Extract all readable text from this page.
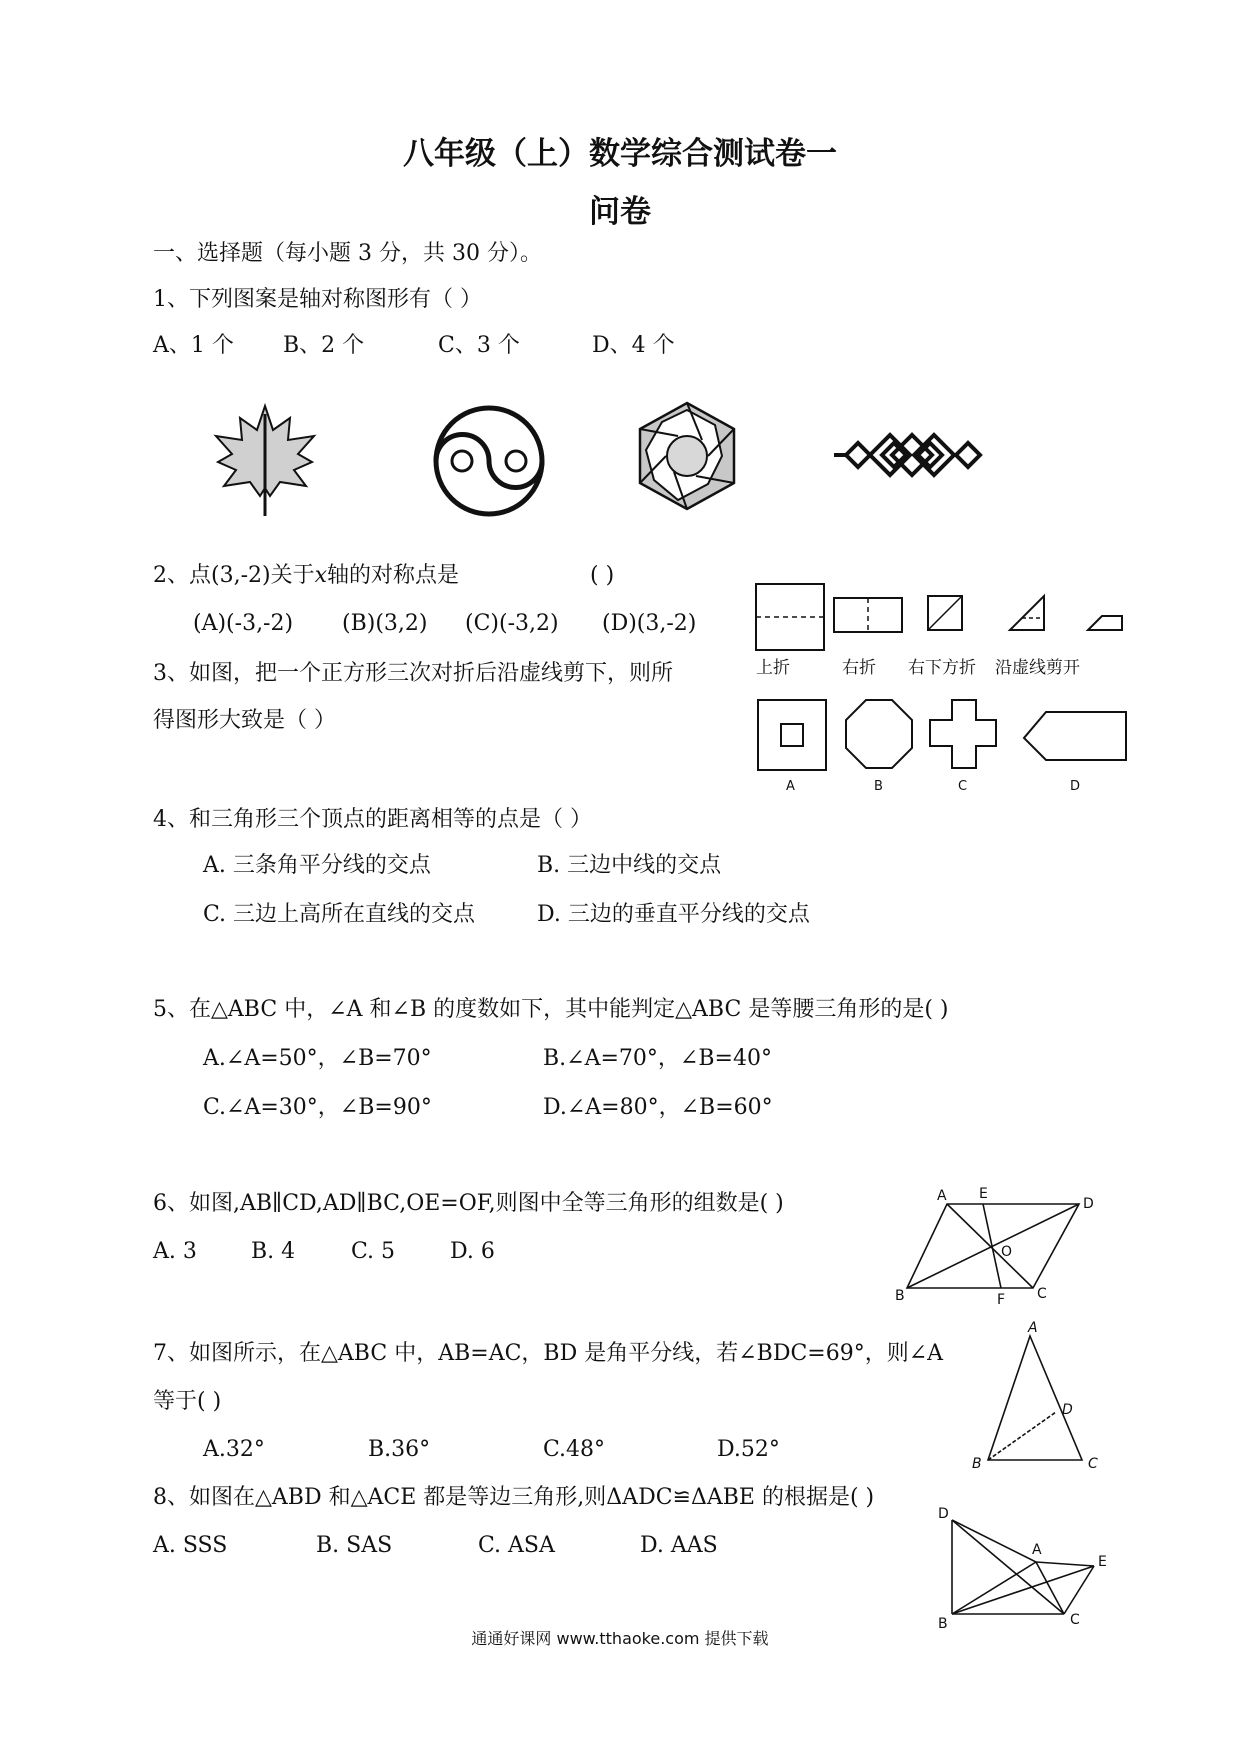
八年级（上）数学综合测试卷一
问卷
一、选择题（每小题 3 分，共 30 分）。
1、下列图案是轴对称图形有（ ）
A、1 个 B、2 个	C、3 个	D、4 个
2、点(3,-2)关于x轴的对称点是	( )
(A)(-3,-2) (B)(3,2) (C)(-3,2) (D)(3,-2)
3、如图，把一个正方形三次对折后沿虚线剪下，则所
得图形大致是（ ）
上折	右折 右下方折 沿虚线剪开
A	B	C	D
4、和三角形三个顶点的距离相等的点是（ ）
A. 三条角平分线的交点	B. 三边中线的交点
C. 三边上高所在直线的交点	D. 三边的垂直平分线的交点
5、在△ABC 中，∠A 和∠B 的度数如下，其中能判定△ABC 是等腰三角形的是( )
A.∠A=50°，∠B=70°	B.∠A=70°，∠B=40°
C.∠A=30°，∠B=90°	D.∠A=80°，∠B=60°
6、如图,AB∥CD,AD∥BC,OE=OF,则图中全等三角形的组数是( )
A. 3 B. 4	C. 5 D. 6
A E
D
O
B	F C
7、如图所示，在△ABC 中，AB=AC，BD 是角平分线，若∠BDC=69°，则∠A
等于( )
A.32°	B.36°	C.48°	D.52°
A
D
B	C
8、如图在△ABD 和△ACE 都是等边三角形,则ΔADC≌ΔABE 的根据是( )
A. SSS	B. SAS	C. ASA	D. AAS
D
A
E
B	C
通通好课网 www.tthaoke.com 提供下载
